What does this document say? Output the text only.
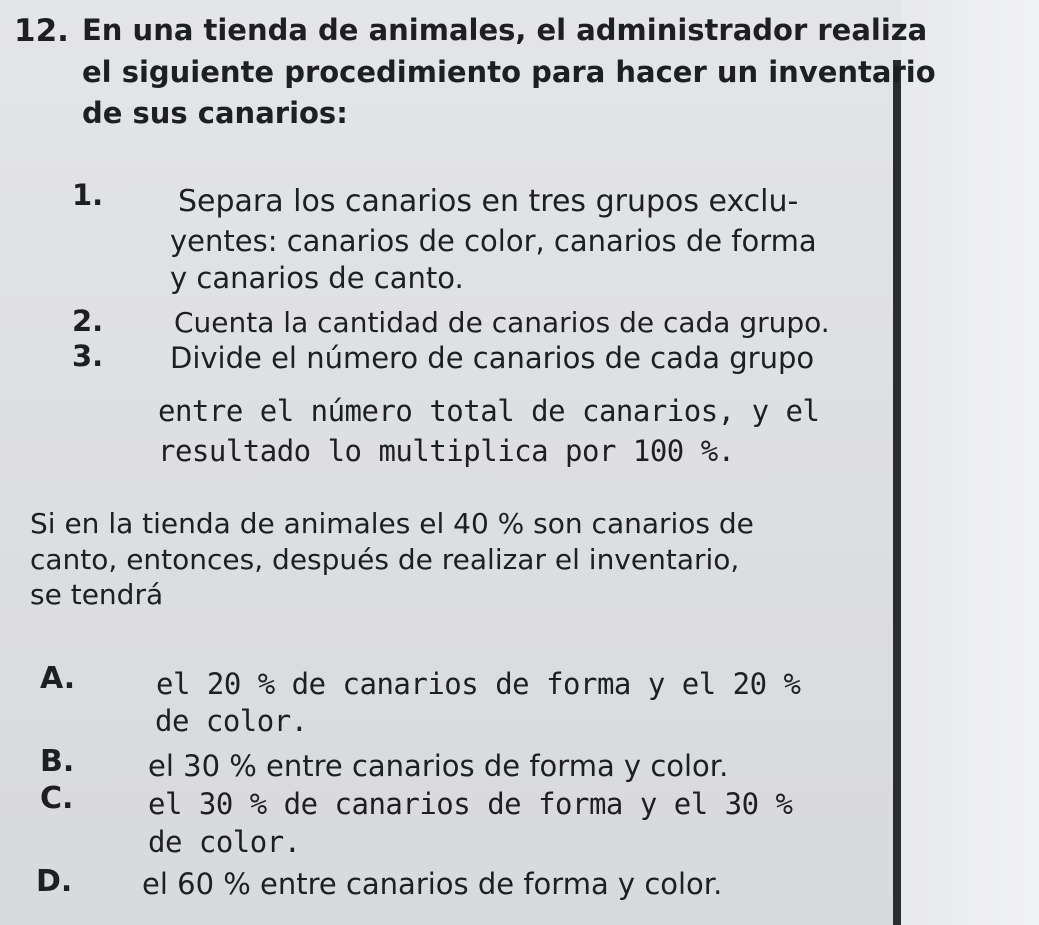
12. En una tienda de animales, el administrador realiza
el siguiente procedimiento para hacer un inventario
de sus canarios:
1. Separa los canarios en tres grupos exclu-
yentes: canarios de color, canarios de forma
y canarios de canto.
2.	Cuenta la cantidad de canarios de cada grupo.
3. Divide el número de canarios de cada grupo
entre el número total de canarios, y el
resultado lo multiplica por 100 %.
Si en la tienda de animales el 40 % son canarios de
canto, entonces, después de realizar el inventario,
se tendrá
A.	el 20 % de canarios de forma y el 20 %
de color.
B.	el 30 % entre canarios de forma y color.
C.	el 30 % de canarios de forma y el 30 %
de color.
D. el 60 % entre canarios de forma y color.
